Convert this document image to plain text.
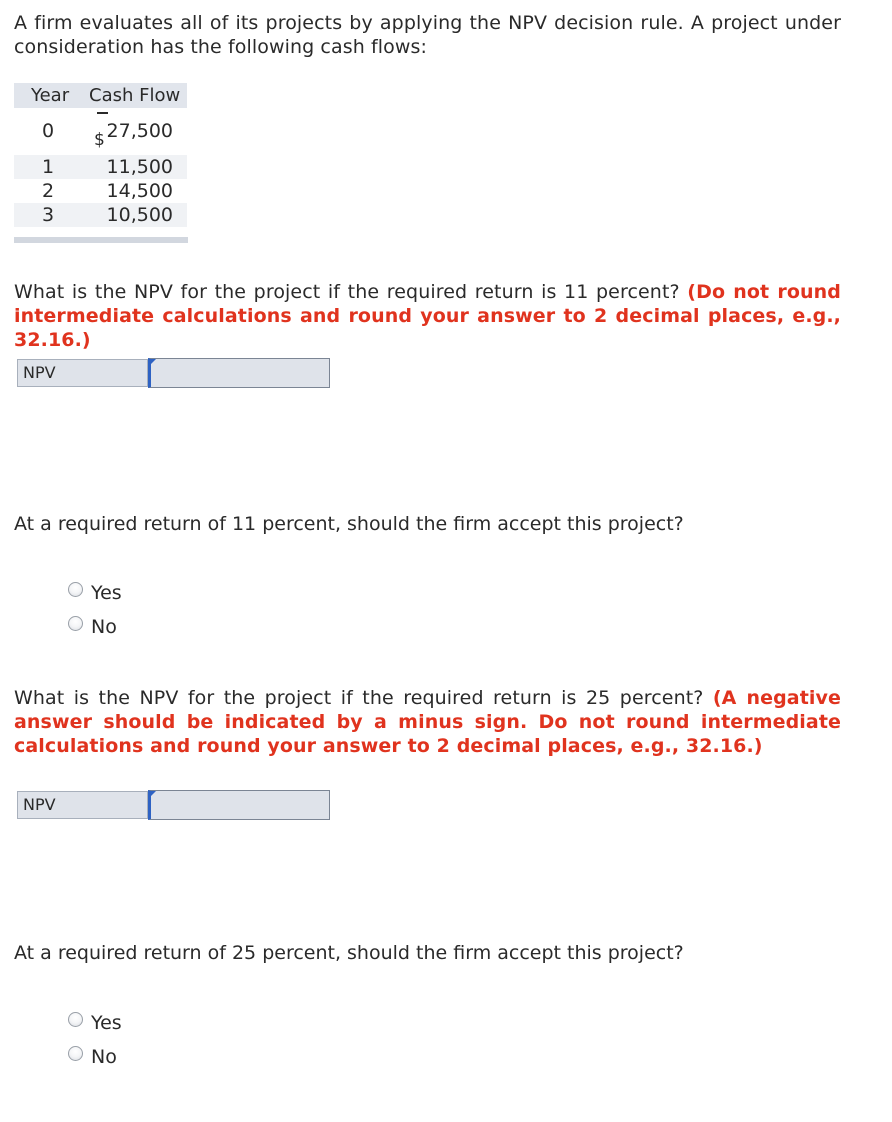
A firm evaluates all of its projects by applying the NPV decision rule. A project under consideration has the following cash flows:
Year Cash Flow
0	$ 27,500
1	11,500
2	14,500
3	10,500
What is the NPV for the project if the required return is 11 percent? (Do not round intermediate calculations and round your answer to 2 decimal places, e.g., 32.16.)
NPV
At a required return of 11 percent, should the firm accept this project?
Yes
No
What is the NPV for the project if the required return is 25 percent? (A negative answer should be indicated by a minus sign. Do not round intermediate calculations and round your answer to 2 decimal places, e.g., 32.16.)
NPV
At a required return of 25 percent, should the firm accept this project?
Yes
No
